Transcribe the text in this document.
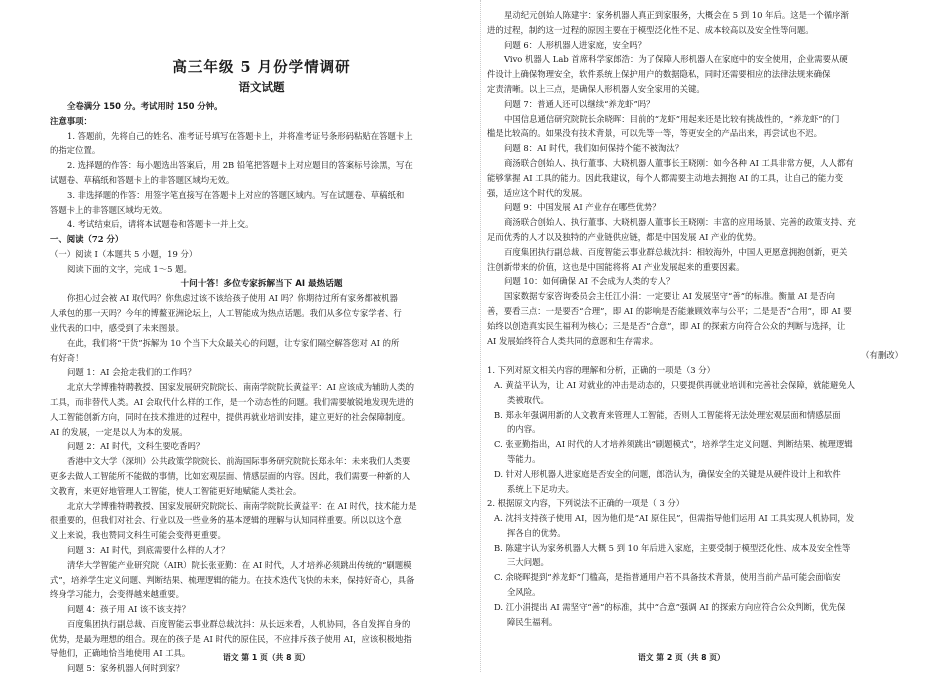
高三年级 5 月份学情调研
语文试题
全卷满分 150 分。考试用时 150 分钟。
注意事项：
1. 答题前，先将自己的姓名、准考证号填写在答题卡上，并将准考证号条形码粘贴在答题卡上
的指定位置。
2. 选择题的作答：每小题选出答案后，用 2B 铅笔把答题卡上对应题目的答案标号涂黑，写在
试题卷、草稿纸和答题卡上的非答题区域均无效。
3. 非选择题的作答：用签字笔直接写在答题卡上对应的答题区域内。写在试题卷、草稿纸和
答题卡上的非答题区域均无效。
4. 考试结束后，请将本试题卷和答题卡一并上交。
一、阅读（72 分）
（一）阅读 Ⅰ（本题共 5 小题，19 分）
阅读下面的文字，完成 1～5 题。
十问十答！多位专家拆解当下 AI 最热话题
你担心过会被 AI 取代吗？你焦虑过该不该给孩子使用 AI 吗？你期待过所有家务都被机器
人承包的那一天吗？今年的博鳌亚洲论坛上，人工智能成为热点话题。我们从多位专家学者、行
业代表的口中，感受到了未来图景。
在此，我们将“干货”拆解为 10 个当下大众最关心的问题，让专家们隔空解答您对 AI 的所
有好奇！
问题 1：AI 会抢走我们的工作吗？
北京大学博雅特聘教授、国家发展研究院院长、南南学院院长黄益平：AI 应该成为辅助人类的
工具，而非替代人类。AI 会取代什么样的工作，是一个动态性的问题。我们需要敏锐地发现先进的
人工智能创新方向，同时在技术推进的过程中，提供再就业培训安排，建立更好的社会保障制度。
AI 的发展，一定是以人为本的发展。
问题 2：AI 时代，文科生要吃香吗？
香港中文大学（深圳）公共政策学院院长、前海国际事务研究院院长郑永年：未来我们人类要
更多去做人工智能所不能做的事情，比如宏观层面、情感层面的内容。因此，我们需要一种新的人
文教育，来更好地管理人工智能，使人工智能更好地赋能人类社会。
北京大学博雅特聘教授、国家发展研究院院长、南南学院院长黄益平：在 AI 时代，技术能力是
很重要的，但我们对社会、行业以及一些业务的基本逻辑的理解与认知同样重要。所以以这个意
义上来说，我也赞同文科生可能会变得更重要。
问题 3：AI 时代，到底需要什么样的人才？
清华大学智能产业研究院（AIR）院长张亚勤：在 AI 时代，人才培养必须跳出传统的“刷题模
式”，培养学生定义问题、判断结果、梳理逻辑的能力。在技术迭代飞快的未来，保持好奇心，具备
终身学习能力，会变得越来越重要。
问题 4：孩子用 AI 该不该支持？
百度集团执行副总裁、百度智能云事业群总裁沈抖：从长远来看，人机协同，各自发挥自身的
优势，是最为理想的组合。现在的孩子是 AI 时代的原住民，不应排斥孩子使用 AI，应该积极地指
导他们，正确地恰当地使用 AI 工具。
问题 5：家务机器人何时到家？
星动纪元创始人陈建宇：家务机器人真正到家服务，大概会在 5 到 10 年后。这是一个循序渐
进的过程，制约这一过程的原因主要在于模型泛化性不足、成本较高以及安全性等问题。
问题 6：人形机器人进家庭，安全吗？
Vivo 机器人 Lab 首席科学家郎浩：为了保障人形机器人在家庭中的安全使用，企业需要从硬
件设计上确保物理安全，软件系统上保护用户的数据隐私，同时还需要相应的法律法规来确保
定责清晰。以上三点，是确保人形机器人安全家用的关键。
问题 7：普通人还可以继续“养龙虾”吗？
中国信息通信研究院院长余晓晖：目前的“龙虾”用起来还是比较有挑战性的，“养龙虾”的门
槛是比较高的。如果没有技术背景，可以先等一等，等更安全的产品出来，再尝试也不迟。
问题 8：AI 时代，我们如何保持个能不被淘汰？
商汤联合创始人、执行董事、大晓机器人董事长王晓刚：如今各种 AI 工具非常方便，人人都有
能够掌握 AI 工具的能力。因此我建议，每个人都需要主动地去拥抱 AI 的工具，让自己的能力变
强，适应这个时代的发展。
问题 9：中国发展 AI 产业存在哪些优势？
商汤联合创始人、执行董事、大晓机器人董事长王晓刚：丰富的应用场景、完善的政策支持、充
足而优秀的人才以及独特的产业链供应链，都是中国发展 AI 产业的优势。
百度集团执行副总裁、百度智能云事业群总裁沈抖：相较海外，中国人更愿意拥抱创新，更关
注创新带来的价值，这也是中国能将将 AI 产业发展起来的重要因素。
问题 10：如何确保 AI 不会成为人类的专人？
国家数据专家咨询委员会主任江小涓：一定要让 AI 发展坚守“善”的标准。衡量 AI 是否向
善，要看三点：一是要否“合理”，即 AI 的影响是否能兼顾效率与公平；二是是否“合用”，即 AI 要
始终以创造真实民生福利为核心；三是是否“合意”，即 AI 的探索方向符合公众的判断与选择，让
AI 发展始终符合人类共同的意愿和生存需求。
（有删改）
1. 下列对原文相关内容的理解和分析，正确的一项是（3 分）
A. 黄益平认为，让 AI 对就业的冲击是动态的，只要提供再就业培训和完善社会保障，就能避免人
类被取代。
B. 郑永年强调用新的人文教育来管理人工智能，否则人工智能将无法处理宏观层面和情感层面
的内容。
C. 张亚勤指出，AI 时代的人才培养须跳出“刷题模式”，培养学生定义问题、判断结果、梳理逻辑
等能力。
D. 针对人形机器人进家庭是否安全的问题，郎浩认为，确保安全的关键是从硬件设计上和软件
系统上下足功夫。
2. 根据原文内容，下列说法不正确的一项是（ 3 分）
A. 沈抖支持孩子使用 AI，因为他们是“AI 原住民”，但需指导他们运用 AI 工具实现人机协同，发
挥各自的优势。
B. 陈建宇认为家务机器人大概 5 到 10 年后进入家庭，主要受制于模型泛化性、成本及安全性等
三大问题。
C. 余晓晖提到“养龙虾”门槛高，是指普通用户若不具备技术背景，使用当前产品可能会面临安
全风险。
D. 江小涓提出 AI 需坚守“善”的标准，其中“合意”强调 AI 的探索方向应符合公众判断，优先保
障民生福利。
语文 第 1 页（共 8 页）	语文 第 2 页（共 8 页）
